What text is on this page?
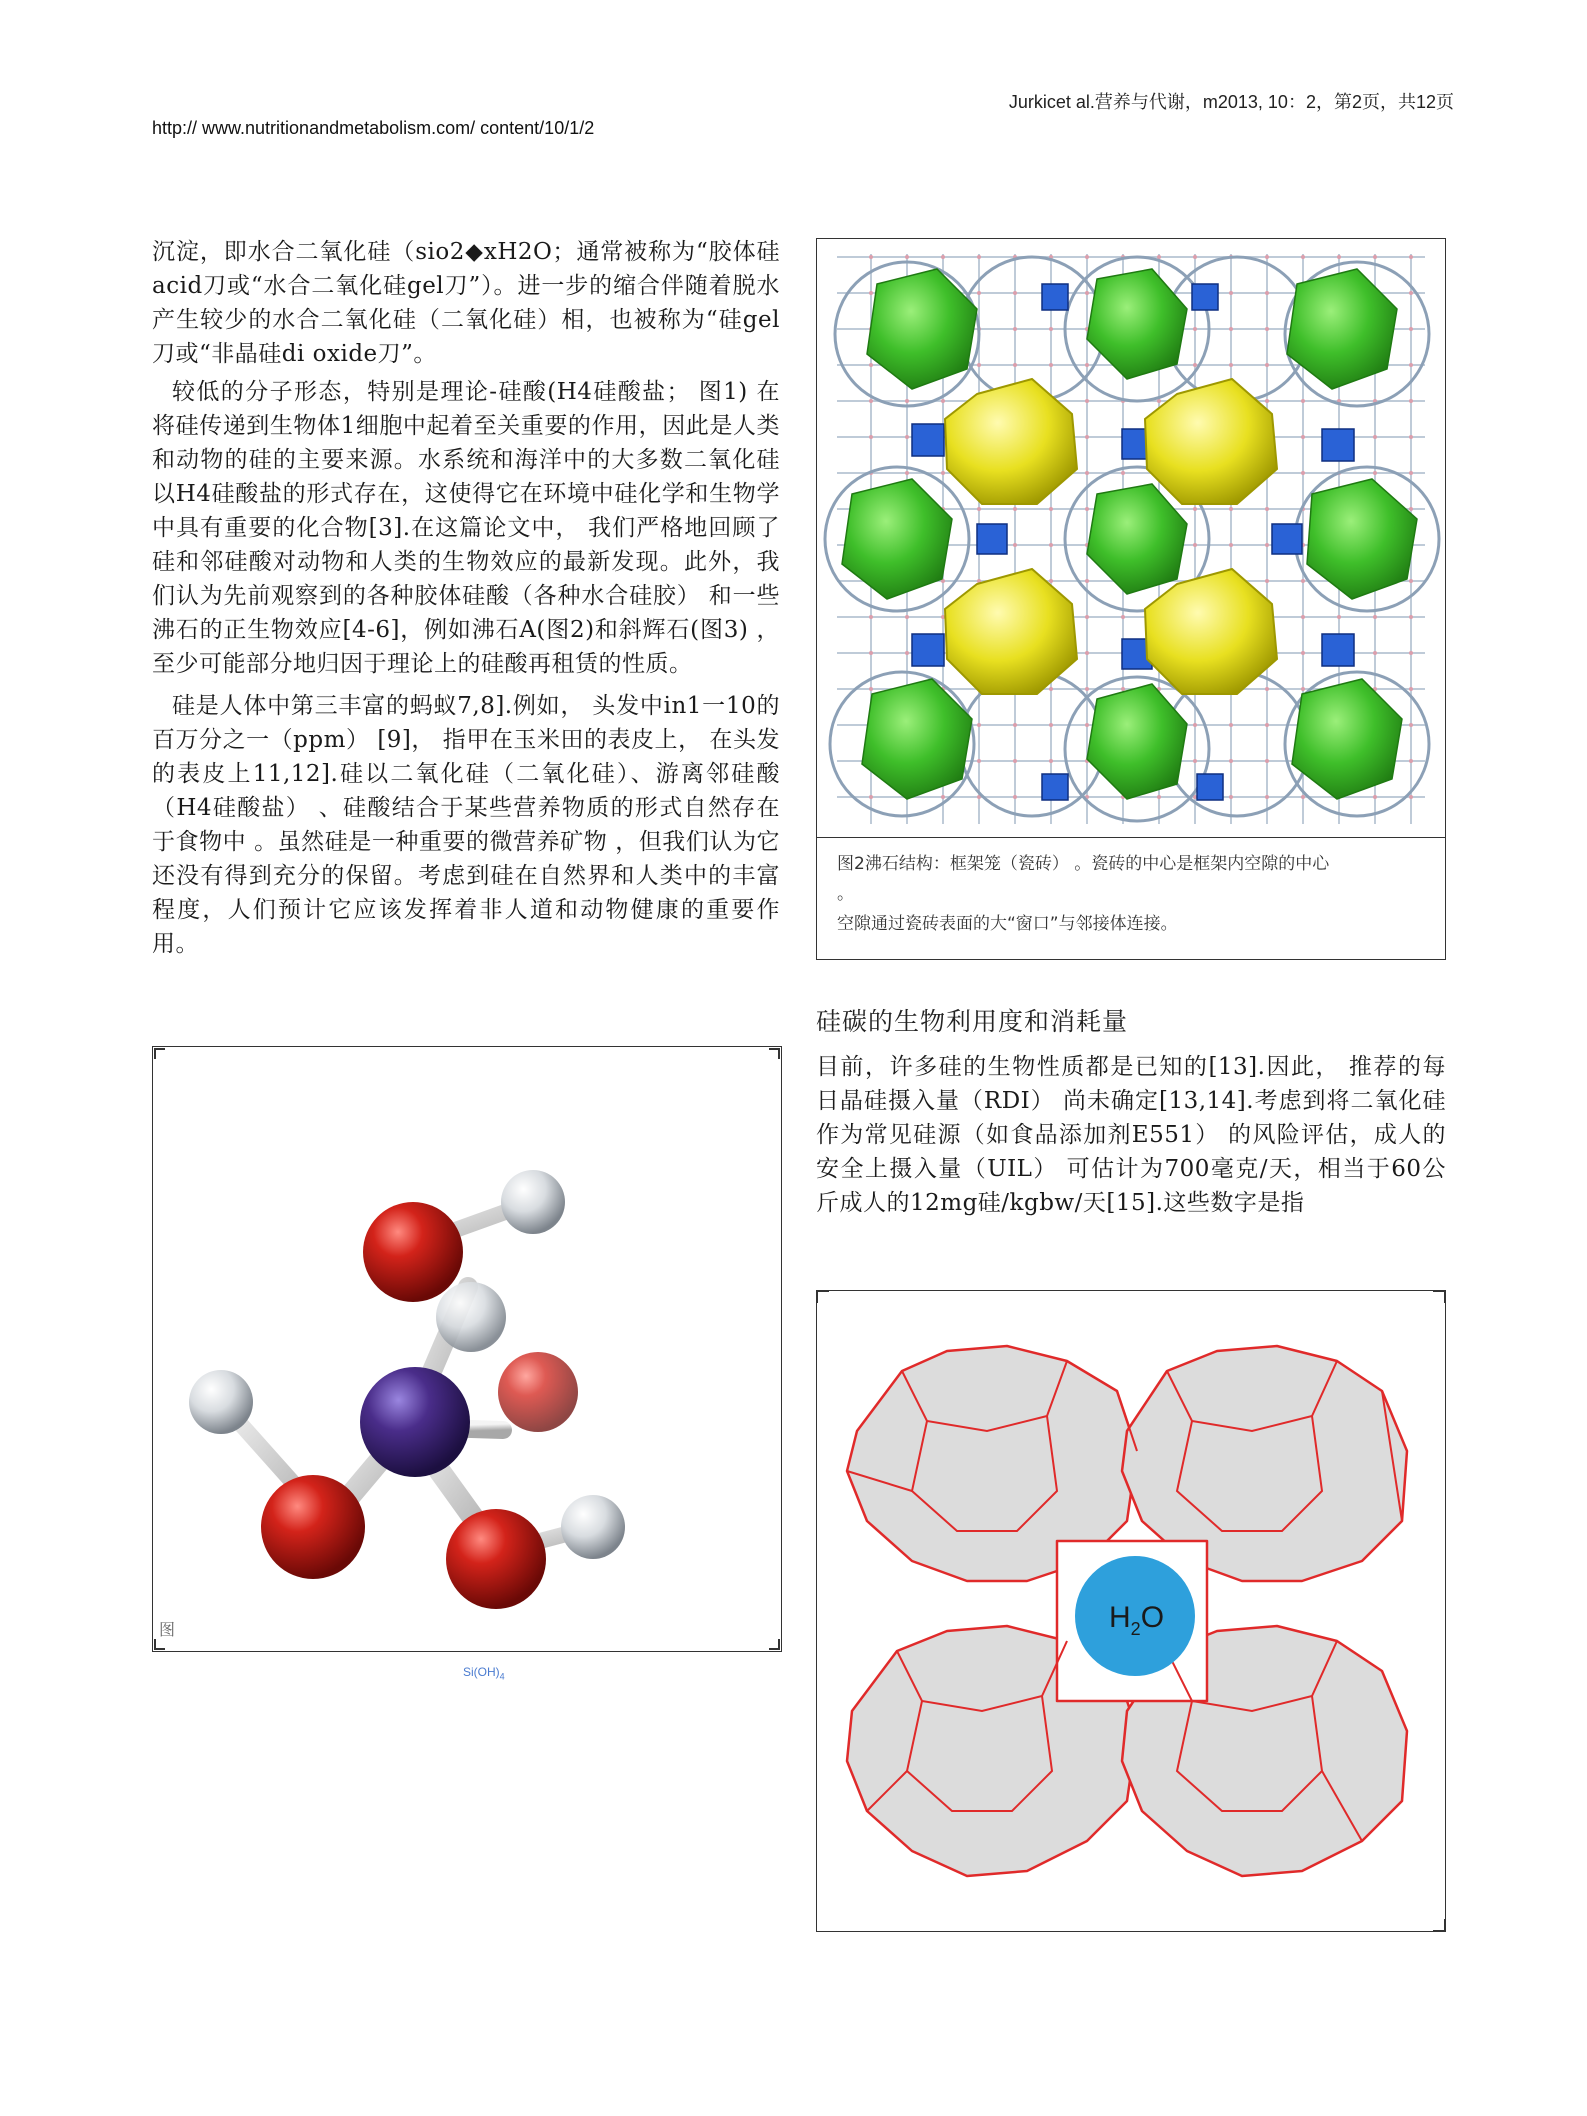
Jurkicet al.营养与代谢，m2013, 10：2，第2页，共12页
http:// www.nutritionandmetabolism.com/ content/10/1/2

沉淀，即水合二氧化硅（sio2◆xH2O；通常被称为“胶体硅acid刀或“水合二氧化硅gel刀”）。进一步的缩合伴随着脱水产生较少的水合二氧化硅（二氧化硅）相，也被称为“硅gel刀或“非晶硅di oxide刀”。

较低的分子形态，特别是理论-硅酸(H4硅酸盐； 图1) 在将硅传递到生物体1细胞中起着至关重要的作用，因此是人类和动物的硅的主要来源。水系统和海洋中的大多数二氧化硅以H4硅酸盐的形式存在，这使得它在环境中硅化学和生物学中具有重要的化合物[3].在这篇论文中， 我们严格地回顾了硅和邻硅酸对动物和人类的生物效应的最新发现。此外，我们认为先前观察到的各种胶体硅酸（各种水合硅胶） 和一些沸石的正生物效应[4-6]，例如沸石A(图2)和斜辉石(图3) ， 至少可能部分地归因于理论上的硅酸再租赁的性质。

硅是人体中第三丰富的蚂蚁7,8].例如， 头发中in1一10的百万分之一（ppm） [9]， 指甲在玉米田的表皮上， 在头发的表皮上11,12].硅以二氧化硅（二氧化硅）、游离邻硅酸（H4硅酸盐） 、硅酸结合于某些营养物质的形式自然存在于食物中 。虽然硅是一种重要的微营养矿物 ，但我们认为它还没有得到充分的保留。考虑到硅在自然界和人类中的丰富程度，人们预计它应该发挥着非人道和动物健康的重要作用。

图
$Si(OH)_4$
图2沸石结构：框架笼（瓷砖） 。瓷砖的中心是框架内空隙的中心
。
空隙通过瓷砖表面的大“窗口”与邻接体连接。
硅碳的生物利用度和消耗量

目前，许多硅的生物性质都是已知的[13].因此， 推荐的每 日晶硅摄入量（RDI） 尚未确定[13,14].考虑到将二氧化硅作为常见硅源（如食品添加剂E551） 的风险评估，成人的安全上摄入量（UIL） 可估计为700毫克/天，相当于60公斤成人的12mg硅/kgbw/天[15].这些数字是指

$H_2O$
